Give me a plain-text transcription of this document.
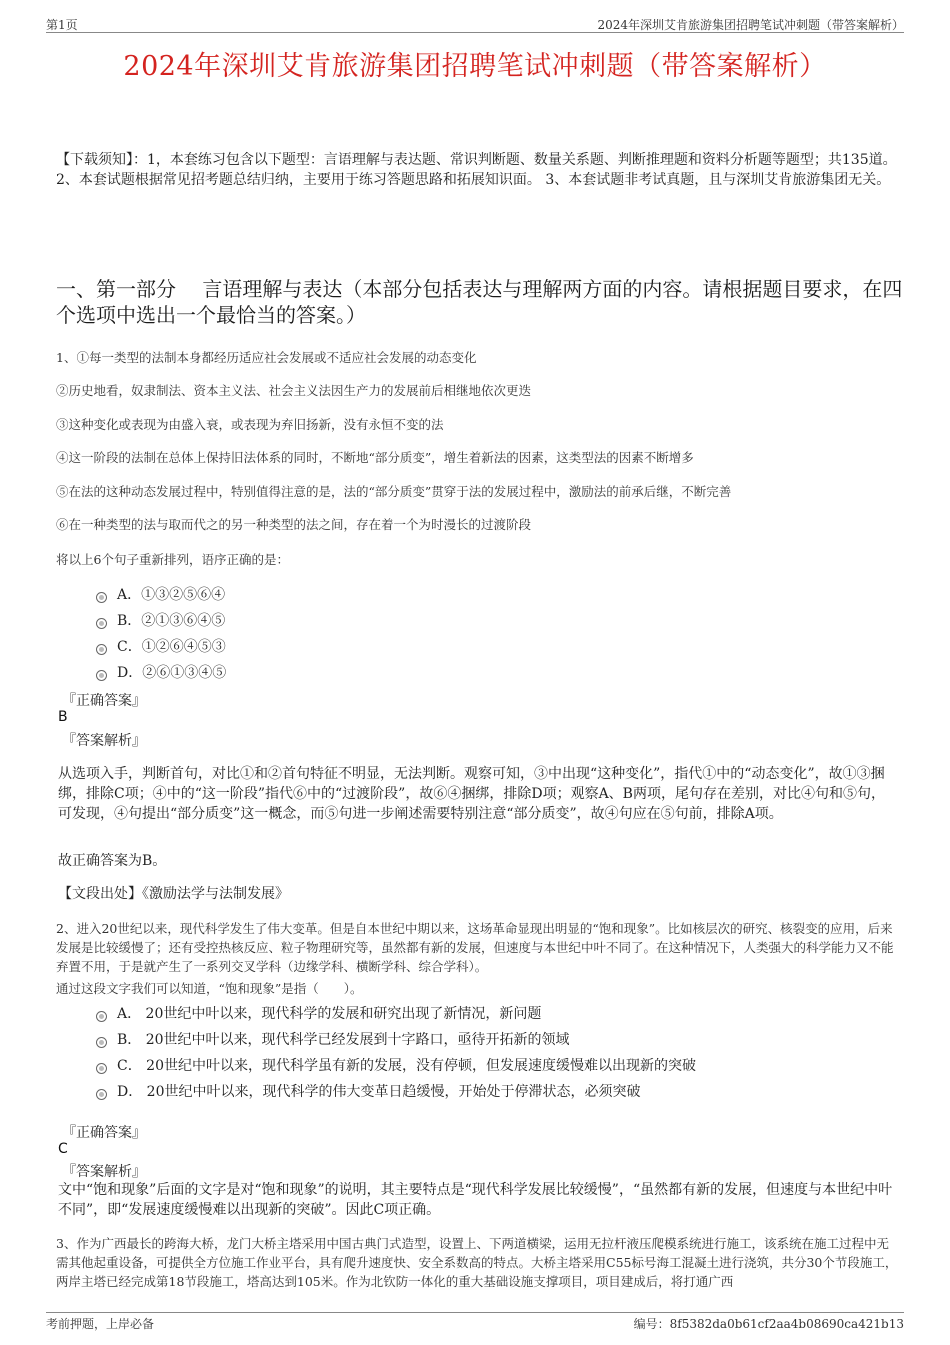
第1页	2024年深圳艾肯旅游集团招聘笔试冲刺题（带答案解析）
2024年深圳艾肯旅游集团招聘笔试冲刺题（带答案解析）
【下载须知】：1，本套练习包含以下题型：言语理解与表达题、常识判断题、数量关系题、判断推理题和资料分析题等题型；共135道。 2、本套试题根据常见招考题总结归纳，主要用于练习答题思路和拓展知识面。 3、本套试题非考试真题，且与深圳艾肯旅游集团无关。
一、第一部分　 言语理解与表达（本部分包括表达与理解两方面的内容。请根据题目要求，在四个选项中选出一个最恰当的答案。）
1、①每一类型的法制本身都经历适应社会发展或不适应社会发展的动态变化
②历史地看，奴隶制法、资本主义法、社会主义法因生产力的发展前后相继地依次更迭
③这种变化或表现为由盛入衰，或表现为弃旧扬新，没有永恒不变的法
④这一阶段的法制在总体上保持旧法体系的同时，不断地“部分质变”，增生着新法的因素，这类型法的因素不断增多
⑤在法的这种动态发展过程中，特别值得注意的是，法的“部分质变”贯穿于法的发展过程中，激励法的前承后继，不断完善
⑥在一种类型的法与取而代之的另一种类型的法之间，存在着一个为时漫长的过渡阶段
将以上6个句子重新排列，语序正确的是：
A．①③②⑤⑥④
B．②①③⑥④⑤
C．①②⑥④⑤③
D．②⑥①③④⑤
『正确答案』
B
『答案解析』
从选项入手，判断首句，对比①和②首句特征不明显，无法判断。观察可知，③中出现“这种变化”，指代①中的“动态变化”，故①③捆绑，排除C项；④中的“这一阶段”指代⑥中的“过渡阶段”，故⑥④捆绑，排除D项；观察A、B两项，尾句存在差别，对比④句和⑤句，可发现，④句提出“部分质变”这一概念，而⑤句进一步阐述需要特别注意“部分质变”，故④句应在⑤句前，排除A项。
故正确答案为B。
【文段出处】《激励法学与法制发展》
2、进入20世纪以来，现代科学发生了伟大变革。但是自本世纪中期以来，这场革命显现出明显的“饱和现象”。比如核层次的研究、核裂变的应用，后来发展是比较缓慢了；还有受控热核反应、粒子物理研究等，虽然都有新的发展，但速度与本世纪中叶不同了。在这种情况下，人类强大的科学能力又不能弃置不用，于是就产生了一系列交叉学科（边缘学科、横断学科、综合学科）。
通过这段文字我们可以知道，“饱和现象”是指（　　）。
A． 20世纪中叶以来，现代科学的发展和研究出现了新情况，新问题
B． 20世纪中叶以来，现代科学已经发展到十字路口，亟待开拓新的领域
C． 20世纪中叶以来，现代科学虽有新的发展，没有停顿，但发展速度缓慢难以出现新的突破
D． 20世纪中叶以来，现代科学的伟大变革日趋缓慢，开始处于停滞状态，必须突破
『正确答案』
C
『答案解析』
文中“饱和现象”后面的文字是对“饱和现象”的说明，其主要特点是“现代科学发展比较缓慢”，“虽然都有新的发展，但速度与本世纪中叶不同”，即“发展速度缓慢难以出现新的突破”。因此C项正确。
3、作为广西最长的跨海大桥，龙门大桥主塔采用中国古典门式造型，设置上、下两道横梁，运用无拉杆液压爬模系统进行施工，该系统在施工过程中无需其他起重设备，可提供全方位施工作业平台，具有爬升速度快、安全系数高的特点。大桥主塔采用C55标号海工混凝土进行浇筑，共分30个节段施工，两岸主塔已经完成第18节段施工，塔高达到105米。作为北钦防一体化的重大基础设施支撑项目，项目建成后，将打通广西
考前押题，上岸必备	编号：8f5382da0b61cf2aa4b08690ca421b13
